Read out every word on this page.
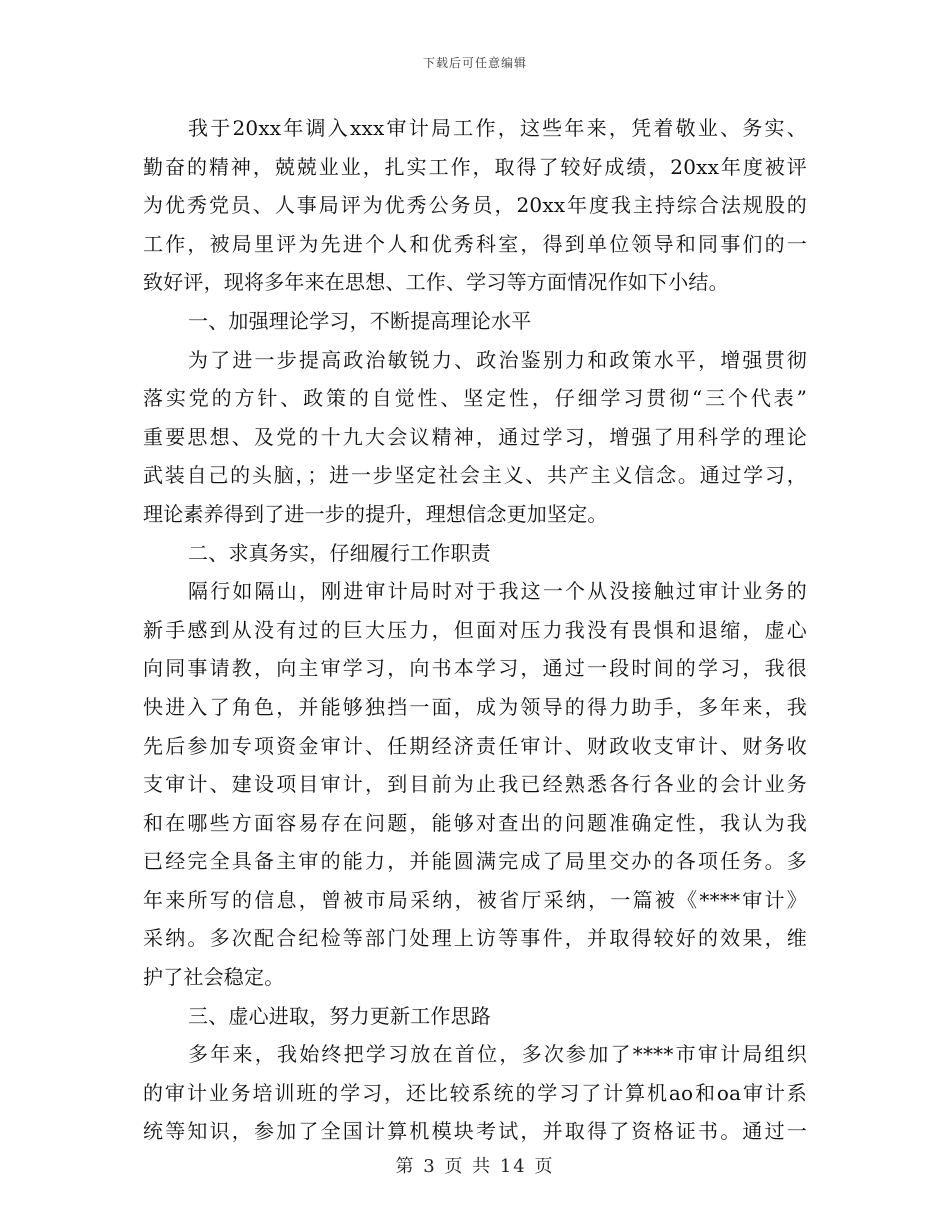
下载后可任意编辑
我于20xx年调入xxx审计局工作，这些年来，凭着敬业、务实、
勤奋的精神，兢兢业业，扎实工作，取得了较好成绩，20xx年度被评
为优秀党员、人事局评为优秀公务员，20xx年度我主持综合法规股的
工作，被局里评为先进个人和优秀科室，得到单位领导和同事们的一
致好评，现将多年来在思想、工作、学习等方面情况作如下小结。
一、加强理论学习，不断提高理论水平
为了进一步提高政治敏锐力、政治鉴别力和政策水平，增强贯彻
落实党的方针、政策的自觉性、坚定性，仔细学习贯彻“三个代表”
重要思想、及党的十九大会议精神，通过学习，增强了用科学的理论
武装自己的头脑，；进一步坚定社会主义、共产主义信念。通过学习，
理论素养得到了进一步的提升，理想信念更加坚定。
二、求真务实，仔细履行工作职责
隔行如隔山，刚进审计局时对于我这一个从没接触过审计业务的
新手感到从没有过的巨大压力，但面对压力我没有畏惧和退缩，虚心
向同事请教，向主审学习，向书本学习，通过一段时间的学习，我很
快进入了角色，并能够独挡一面，成为领导的得力助手，多年来，我
先后参加专项资金审计、任期经济责任审计、财政收支审计、财务收
支审计、建设项目审计，到目前为止我已经熟悉各行各业的会计业务
和在哪些方面容易存在问题，能够对查出的问题准确定性，我认为我
已经完全具备主审的能力，并能圆满完成了局里交办的各项任务。多
年来所写的信息，曾被市局采纳，被省厅采纳，一篇被《****审计》
采纳。多次配合纪检等部门处理上访等事件，并取得较好的效果，维
护了社会稳定。
三、虚心进取，努力更新工作思路
多年来，我始终把学习放在首位，多次参加了****市审计局组织
的审计业务培训班的学习，还比较系统的学习了计算机ao和oa审计系
统等知识，参加了全国计算机模块考试，并取得了资格证书。通过一
第 3 页 共 14 页
